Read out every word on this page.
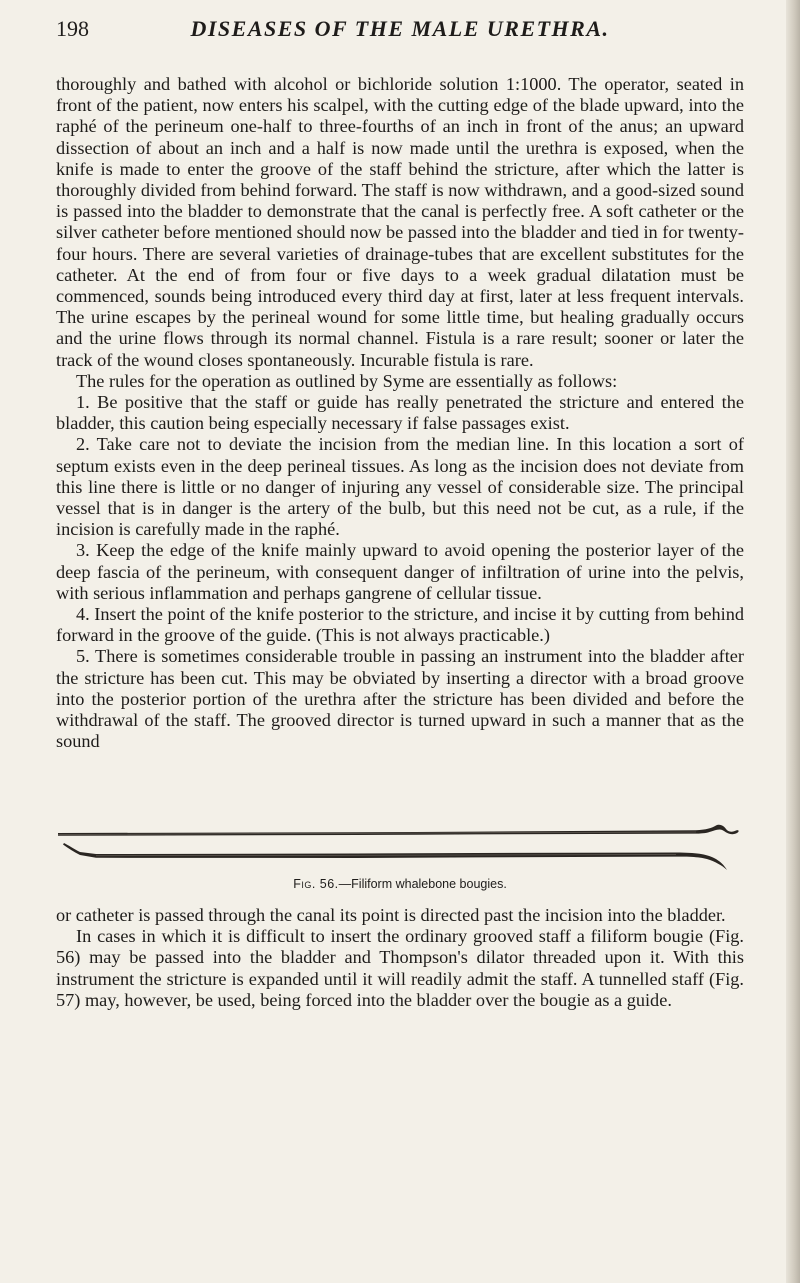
198	DISEASES OF THE MALE URETHRA.

thoroughly and bathed with alcohol or bichloride solution 1:1000. The operator, seated in front of the patient, now enters his scalpel, with the cutting edge of the blade upward, into the raphé of the perineum one-half to three-fourths of an inch in front of the anus; an upward dissection of about an inch and a half is now made until the urethra is exposed, when the knife is made to enter the groove of the staff behind the stricture, after which the latter is thoroughly divided from behind forward. The staff is now withdrawn, and a good-sized sound is passed into the bladder to demonstrate that the canal is perfectly free. A soft catheter or the silver catheter before mentioned should now be passed into the bladder and tied in for twenty-four hours. There are several varieties of drainage-tubes that are excellent substitutes for the catheter. At the end of from four or five days to a week gradual dilatation must be commenced, sounds being introduced every third day at first, later at less frequent intervals. The urine escapes by the perineal wound for some little time, but healing gradually occurs and the urine flows through its normal channel. Fistula is a rare result; sooner or later the track of the wound closes spontaneously. Incurable fistula is rare.

The rules for the operation as outlined by Syme are essentially as follows:

1. Be positive that the staff or guide has really penetrated the stricture and entered the bladder, this caution being especially necessary if false passages exist.

2. Take care not to deviate the incision from the median line. In this location a sort of septum exists even in the deep perineal tissues. As long as the incision does not deviate from this line there is little or no danger of injuring any vessel of considerable size. The principal vessel that is in danger is the artery of the bulb, but this need not be cut, as a rule, if the incision is carefully made in the raphé.

3. Keep the edge of the knife mainly upward to avoid opening the posterior layer of the deep fascia of the perineum, with consequent danger of infiltration of urine into the pelvis, with serious inflammation and perhaps gangrene of cellular tissue.

4. Insert the point of the knife posterior to the stricture, and incise it by cutting from behind forward in the groove of the guide. (This is not always practicable.)

5. There is sometimes considerable trouble in passing an instrument into the bladder after the stricture has been cut. This may be obviated by inserting a director with a broad groove into the posterior portion of the urethra after the stricture has been divided and before the withdrawal of the staff. The grooved director is turned upward in such a manner that as the sound

Fig. 56.—Filiform whalebone bougies.

or catheter is passed through the canal its point is directed past the incision into the bladder.

In cases in which it is difficult to insert the ordinary grooved staff a filiform bougie (Fig. 56) may be passed into the bladder and Thompson's dilator threaded upon it. With this instrument the stricture is expanded until it will readily admit the staff. A tunnelled staff (Fig. 57) may, however, be used, being forced into the bladder over the bougie as a guide.
